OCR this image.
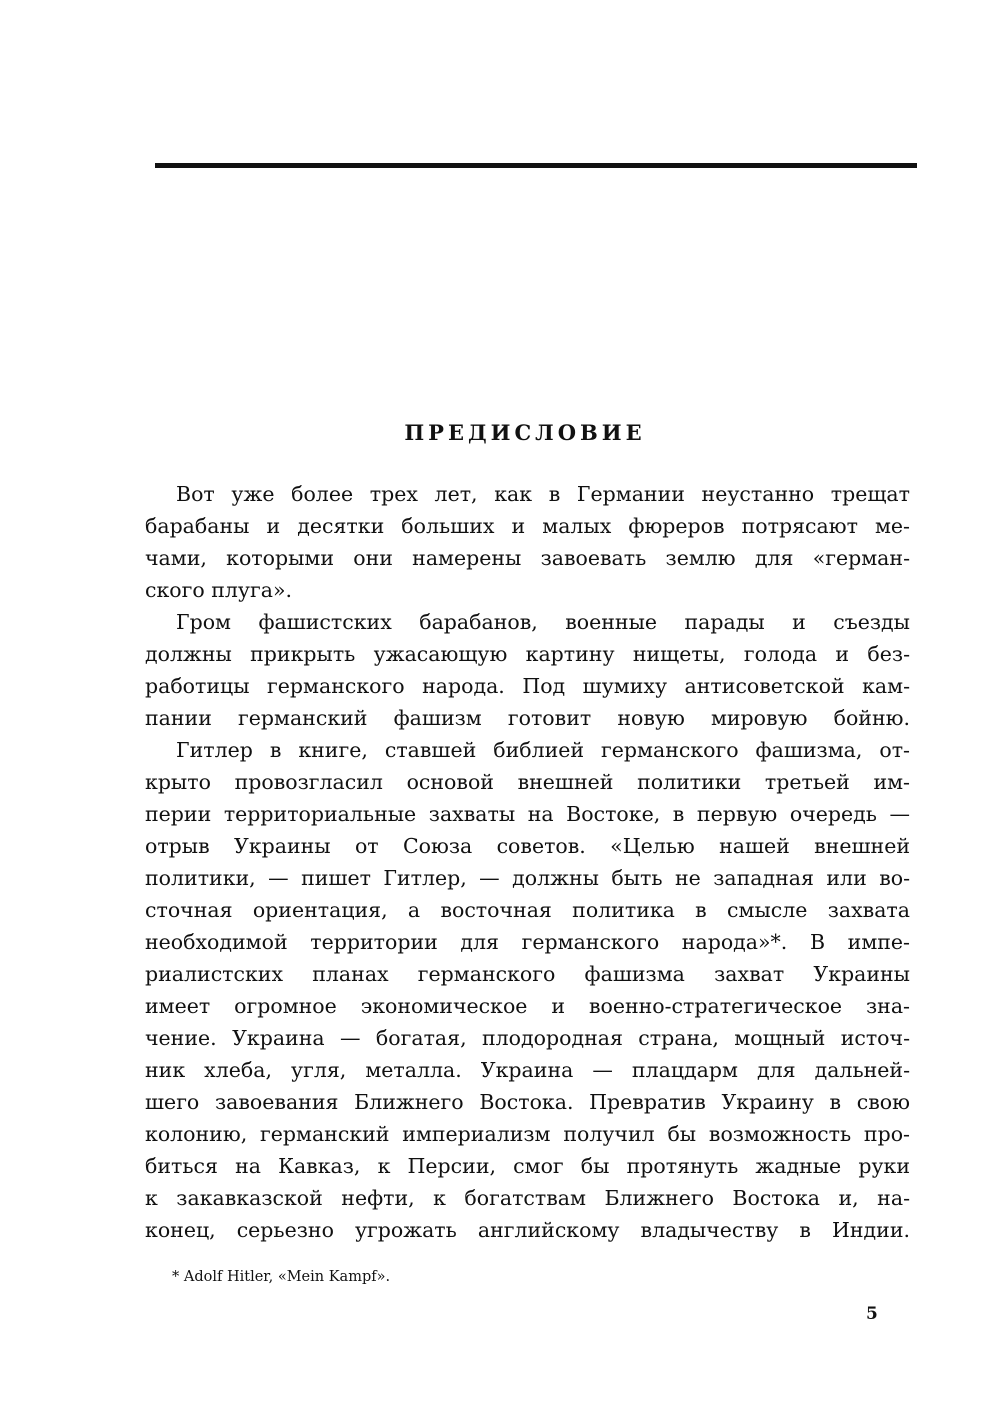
ПРЕДИСЛОВИЕ
Вот уже более трех лет, как в Германии неустанно трещат
барабаны и десятки больших и малых фюреров потрясают ме-
чами, которыми они намерены завоевать землю для «герман-
ского плуга».
Гром фашистских барабанов, военные парады и съезды
должны прикрыть ужасающую картину нищеты, голода и без-
работицы германского народа. Под шумиху антисоветской кам-
пании германский фашизм готовит новую мировую бойню.
Гитлер в книге, ставшей библией германского фашизма, от-
крыто провозгласил основой внешней политики третьей им-
перии территориальные захваты на Востоке, в первую очередь —
отрыв Украины от Союза советов. «Целью нашей внешней
политики, — пишет Гитлер, — должны быть не западная или во-
сточная ориентация, а восточная политика в смысле захвата
необходимой территории для германского народа»*. В импе-
риалистских планах германского фашизма захват Украины
имеет огромное экономическое и военно-стратегическое зна-
чение. Украина — богатая, плодородная страна, мощный источ-
ник хлеба, угля, металла. Украина — плацдарм для дальней-
шего завоевания Ближнего Востока. Превратив Украину в свою
колонию, германский империализм получил бы возможность про-
биться на Кавказ, к Персии, смог бы протянуть жадные руки
к закавказской нефти, к богатствам Ближнего Востока и, на-
конец, серьезно угрожать английскому владычеству в Индии.

* Adolf Hitler, «Mein Kampf».

5
